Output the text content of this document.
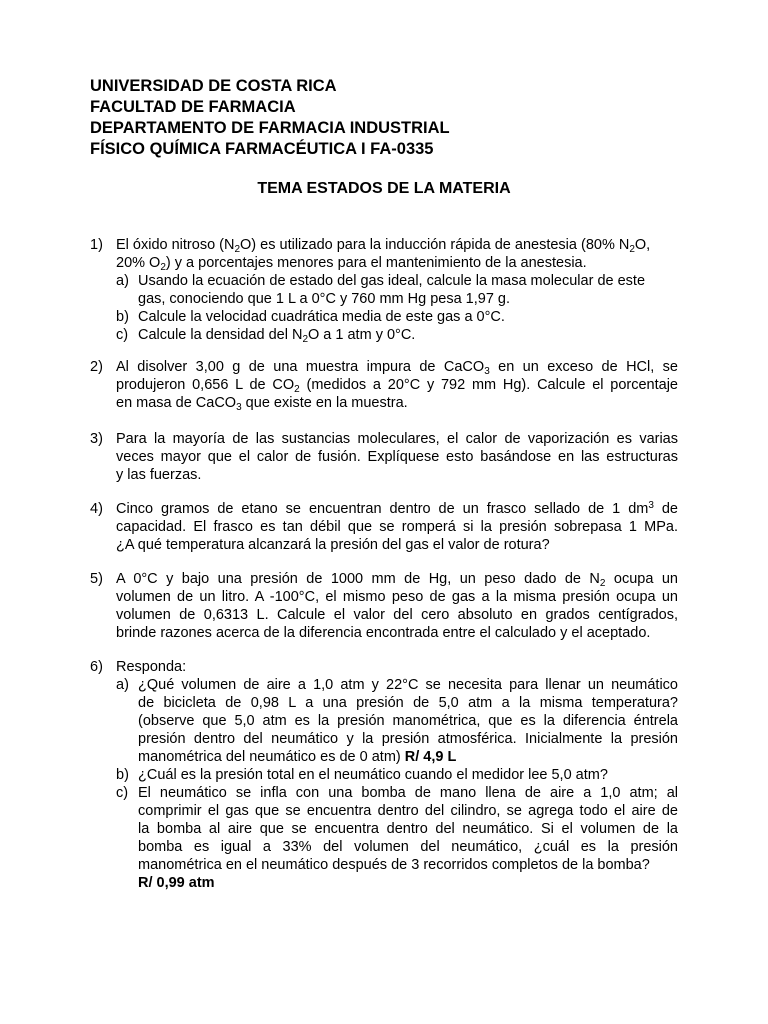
UNIVERSIDAD DE COSTA RICA
FACULTAD DE FARMACIA
DEPARTAMENTO DE FARMACIA INDUSTRIAL
FÍSICO QUÍMICA FARMACÉUTICA I FA-0335
TEMA ESTADOS DE LA MATERIA
1) El óxido nitroso $(N_2O)$ es utilizado para la inducción rápida de anestesia (80% $N_2O$,
20% $O_2$) y a porcentajes menores para el mantenimiento de la anestesia.
a) Usando la ecuación de estado del gas ideal, calcule la masa molecular de este
gas, conociendo que 1 L a 0°C y 760 mm Hg pesa 1,97 g.
b) Calcule la velocidad cuadrática media de este gas a 0°C.
c) Calcule la densidad del $N_2O$ a 1 atm y 0°C.
2) Al disolver 3,00 g de una muestra impura de CaCO$_3$ en un exceso de HCl, se
produjeron 0,656 L de $CO_2$ (medidos a 20°C y 792 mm Hg). Calcule el porcentaje
en masa de CaCO$_3$ que existe en la muestra.
3) Para la mayoría de las sustancias moleculares, el calor de vaporización es varias
veces mayor que el calor de fusión. Explíquese esto basándose en las estructuras
y las fuerzas.
4) Cinco gramos de etano se encuentran dentro de un frasco sellado de 1 $dm^3$ de
capacidad. El frasco es tan débil que se romperá si la presión sobrepasa 1 MPa.
¿A qué temperatura alcanzará la presión del gas el valor de rotura?
5) A 0°C y bajo una presión de 1000 mm de Hg, un peso dado de $N_2$ ocupa un
volumen de un litro. A -100°C, el mismo peso de gas a la misma presión ocupa un
volumen de 0,6313 L. Calcule el valor del cero absoluto en grados centígrados,
brinde razones acerca de la diferencia encontrada entre el calculado y el aceptado.
6) Responda:
a) ¿Qué volumen de aire a 1,0 atm y 22°C se necesita para llenar un neumático
de bicicleta de 0,98 L a una presión de 5,0 atm a la misma temperatura?
(observe que 5,0 atm es la presión manométrica, que es la diferencia éntrela
presión dentro del neumático y la presión atmosférica. Inicialmente la presión
manométrica del neumático es de 0 atm) R/ 4,9 L
b) ¿Cuál es la presión total en el neumático cuando el medidor lee 5,0 atm?
c) El neumático se infla con una bomba de mano llena de aire a 1,0 atm; al
comprimir el gas que se encuentra dentro del cilindro, se agrega todo el aire de
la bomba al aire que se encuentra dentro del neumático. Si el volumen de la
bomba es igual a 33% del volumen del neumático, ¿cuál es la presión
manométrica en el neumático después de 3 recorridos completos de la bomba?
R/ 0,99 atm
